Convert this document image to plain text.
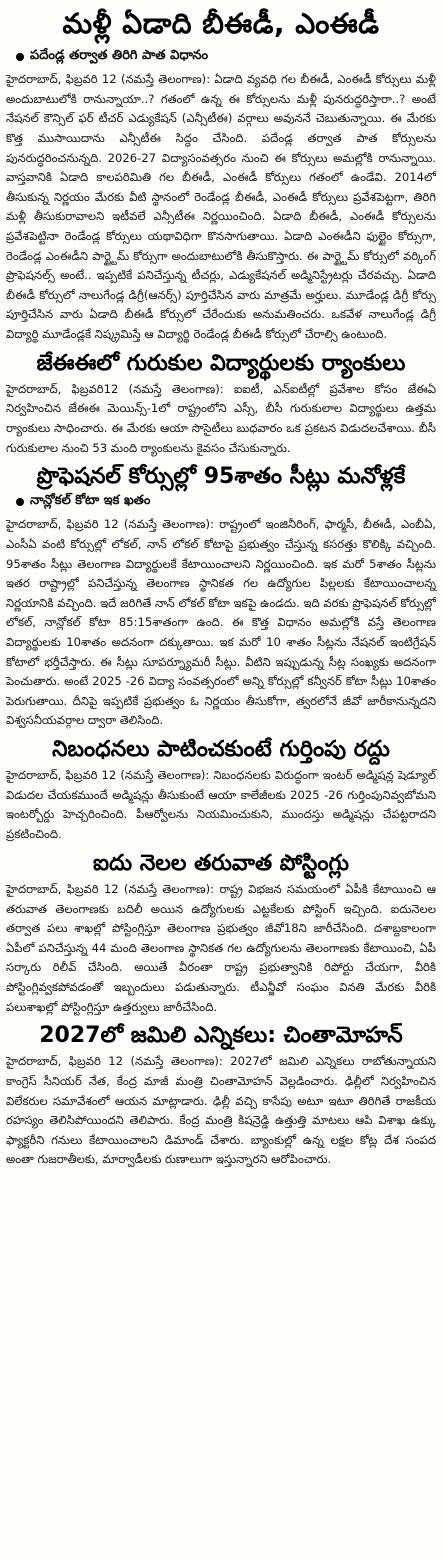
మళ్లీ ఏడాది బీఈడీ, ఎంఈడీ
పదేండ్ల తర్వాత తిరిగి పాత విధానం

హైదరాబాద్, ఫిబ్రవరి 12 (నమస్తే తెలంగాణ): ఏడాది వ్యవధి గల బీఈడీ, ఎంఈడీ కోర్సులు మళ్లీ అందుబాటులోకి రానున్నాయా..? గతంలో ఉన్న ఈ కోర్సులను మళ్లీ పునరుద్ధరిస్తారా..? అంటే నేషనల్ కౌన్సిల్ ఫర్ టీచర్ ఎడ్యుకేషన్ (ఎన్సీటీఈ) వర్గాలు అవుననే చెబుతున్నాయి. ఈ మేరకు కొత్త ముసాయిదాను ఎన్సీటీఈ సిద్ధం చేసింది. పదేండ్ల తర్వాత పాత కోర్సులను పునరుద్ధరించనున్నది. 2026-27 విద్యాసంవత్సరం నుంచి ఈ కోర్సులు అమల్లోకి రానున్నాయి. వాస్తవానికి ఏడాది కాలపరిమితి గల బీఈడీ, ఎంఈడీ కోర్సులు గతంలో ఉండేవి. 2014లో తీసుకున్న నిర్ణయం మేరకు వీటి స్థానంలో రెండేండ్ల బీఈడీ, ఎంఈడీ కోర్సులు ప్రవేశపెట్టగా, తిరిగి మళ్లీ తీసుకురావాలని ఇటీవలే ఎన్సీటీఈ నిర్ణయించింది. ఏడాది బీఈడీ, ఎంఈడీ కోర్సులను ప్రవేశపెట్టినా రెండేండ్ల కోర్సులు యథావిధిగా కొనసాగుతాయి. ఏడాది ఎంఈడీని ఫుల్టైం కోర్సుగా, రెండేండ్ల ఎంఈడీని పార్ట్టైమ్ కోర్సుగా అందుబాటులోకి తీసుకొస్తారు. ఈ పార్ట్టైమ్ కోర్సులో వర్కింగ్ ప్రొఫెషనల్స్ అంటే.. ఇప్పటికే పనిచేస్తున్న టీచర్లు, ఎడ్యుకేషనల్ అడ్మినిస్ట్రేటర్లు చేరవచ్చు. ఏడాది బీఈడీ కోర్సులో నాలుగేండ్ల డిగ్రీ(ఆనర్స్) పూర్తిచేసిన వారు మాత్రమే అర్హులు. మూడేండ్ల డిగ్రీ కోర్సు పూర్తిచేసిన వారు ఏడాది బీఈడీ కోర్సులో చేరేందుకు అనుమతించరు. ఒకవేళ నాలుగేండ్ల డిగ్రీ విద్యార్థి మూడేండ్లకే నిష్క్రమిస్తే ఆ విద్యార్థి రెండేండ్ల బీఈడీ కోర్సులో చేరాల్సి ఉంటుంది.

జేఈఈలో గురుకుల విద్యార్థులకు ర్యాంకులు

హైదరాబాద్, ఫిబ్రవరి12 (నమస్తే తెలంగాణ): ఐఐటీ, ఎన్ఐటీల్లో ప్రవేశాల కోసం జేఈఏ నిర్వహించిన జేఈఈ మెయిన్స్-1లో రాష్ట్రంలోని ఎస్సీ, బీసీ గురుకులాల విద్యార్థులు ఉత్తమ ర్యాంకులు సాధించారు. ఈ మేరకు ఆయా సొసైటీలు బుధవారం ఒక ప్రకటన విడుదలచేశాయి. బీసీ గురుకులాల నుంచి 53 మంది ర్యాంకులను కైవసం చేసుకున్నారు.

ప్రొఫెషనల్ కోర్సుల్లో 95శాతం సీట్లు మనోళ్లకే
నాన్లోకల్ కోటా ఇక ఖతం

హైదరాబాద్, ఫిబ్రవరి 12 (నమస్తే తెలంగాణ): రాష్ట్రంలో ఇంజినీరింగ్, ఫార్మసీ, బీఈడీ, ఎంబీఏ, ఎంసీఏ వంటి కోర్సుల్లో లోకల్, నాన్ లోకల్ కోటాపై ప్రభుత్వం చేస్తున్న కసరత్తు కొలిక్కి వచ్చింది. 95శాతం సీట్లు తెలంగాణ విద్యార్థులకే కేటాయించాలని నిర్ణయించింది. ఇక మరో 5శాతం సీట్లను ఇతర రాష్ట్రాల్లో పనిచేస్తున్న తెలంగాణ స్థానికత గల ఉద్యోగుల పిల్లలకు కేటాయించాలన్న నిర్ణయానికి వచ్చింది. ఇదే జరిగితే నాన్ లోకల్ కోటా ఇకపై ఉండదు. ఇది వరకు ప్రొఫెషనల్ కోర్సుల్లో లోకల్, నాన్లోకల్ కోటా 85:15శాతంగా ఉంది. ఈ కొత్త విధానం అమల్లోకి వస్తే తెలంగాణ విద్యార్థులకు 10శాతం అదనంగా దక్కుతాయి. ఇక మరో 10 శాతం సీట్లను నేషనల్ ఇంటిగ్రేషన్ కోటాలో భర్తీచేస్తారు. ఈ సీట్లు సూపర్న్యూమరీ సీట్లు. వీటిని ఇప్పుడున్న సీట్ల సంఖ్యకు అదనంగా పెంచుతారు. అంటే 2025 -26 విద్యా సంవత్సరంలో అన్ని కోర్సుల్లో కన్వీనర్ కోటా సీట్లు 10శాతం పెరుగుతాయి. దీనిపై ఇప్పటికే ప్రభుత్వం ఓ నిర్ణయం తీసుకోగా, త్వరలోనే జీవో జారీకానున్నదని విశ్వసనీయవర్గాల ద్వారా తెలిసింది.

నిబంధనలు పాటించకుంటే గుర్తింపు రద్దు

హైదరాబాద్, ఫిబ్రవరి 12 (నమస్తే తెలంగాణ): నిబంధనలకు విరుద్ధంగా ఇంటర్ అడ్మిషన్ల షెడ్యూల్ విడుదల చేయకముందే అడ్మిషన్లు తీసుకుంటే ఆయా కాలేజీలకు 2025 -26 గుర్తింపునివ్వబోమని ఇంటర్బోర్డు హెచ్చరించింది. పీఆర్వోలను నియమించుకుని, ముందస్తు అడ్మిషన్లు చేపట్టరాదని ప్రకటించింది.

ఐదు నెలల తరువాత పోస్టింగ్లు

హైదరాబాద్, ఫిబ్రవరి 12 (నమస్తే తెలంగాణ): రాష్ట్ర విభజన సమయంలో ఏపీకి కేటాయించి ఆ తరువాత తెలంగాణకు బదిలీ అయిన ఉద్యోగులకు ఎట్టకేలకు పోస్టింగ్ ఇచ్చింది. ఐదునెలల తర్వాత పలు శాఖల్లో పోస్టింగ్లిస్తూ తెలంగాణ ప్రభుత్వం జీవో18ని జారీచేసింది. దశాబ్దకాలంగా ఏపీలో పనిచేస్తున్న 44 మంది తెలంగాణ స్థానికత గల ఉద్యోగులను తెలంగాణకు కేటాయించి, ఏపీ సర్కారు రిలీవ్ చేసింది. అయితే వీరంతా రాష్ట్ర ప్రభుత్వానికి రిపోర్టు చేయగా, వీరికి పోస్టింగ్లివ్వకపోవడంతో ఇబ్బందులు పడుతున్నారు. టీఎన్జీవో సంఘం వినతి మేరకు వీరికి పలుశాఖల్లో పోస్టింగ్లిస్తూ ఉత్తర్వులు జారీచేసింది.

2027లో జమిలి ఎన్నికలు: చింతామోహన్

హైదరాబాద్, ఫిబ్రవరి 12 (నమస్తే తెలంగాణ): 2027లో జమిలి ఎన్నికలు రాబోతున్నాయని కాంగ్రెస్ సీనియర్ నేత, కేంద్ర మాజీ మంత్రి చింతామోహన్ వెల్లడించారు. ఢిల్లీలో నిర్వహించిన విలేకరుల సమావేశంలో ఆయన మాట్లాడారు. ఢిల్లీ వచ్చి కాసేపు అటూ ఇటూ తిరిగితే రాజకీయ రహస్యం తెలిసిపోయిందని తెలిపారు. కేంద్ర మంత్రి కిషన్రెడ్డి ఉత్తుత్తి మాటలు ఆపి విశాఖ ఉక్కు ఫ్యాక్టరీని గనులు కేటాయించాలని డిమాండ్ చేశారు. బ్యాంకుల్లో ఉన్న లక్షల కోట్ల దేశ సంపద అంతా గుజరాతీలకు, మార్వాడీలకు రుణాలుగా ఇస్తున్నారని ఆరోపించారు.
